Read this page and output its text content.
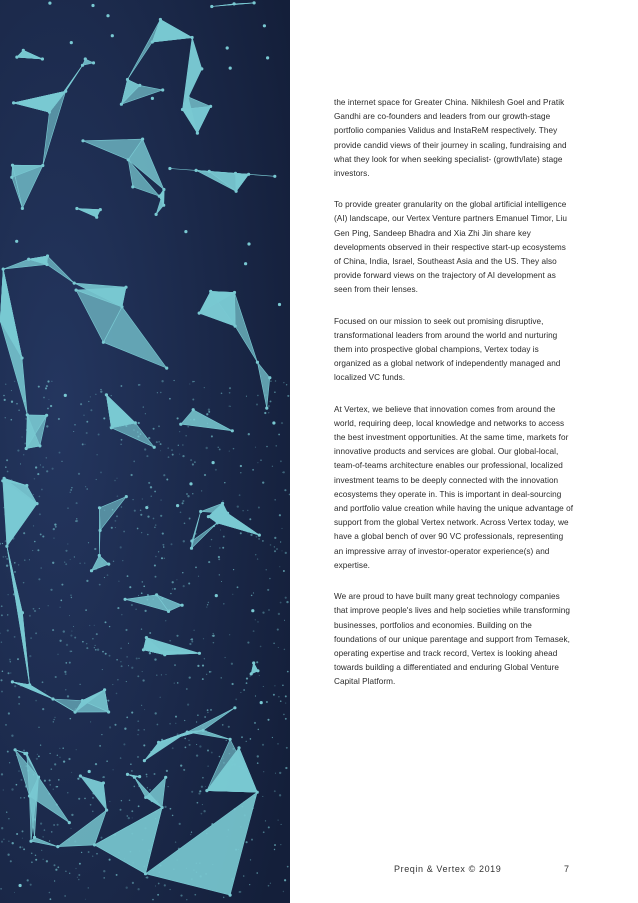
the internet space for Greater China. Nikhilesh Goel and Pratik Gandhi are co-founders and leaders from our growth-stage portfolio companies Validus and InstaReM respectively. They provide candid views of their journey in scaling, fundraising and what they look for when seeking specialist- (growth/late) stage investors.

To provide greater granularity on the global artificial intelligence (AI) landscape, our Vertex Venture partners Emanuel Timor, Liu Gen Ping, Sandeep Bhadra and Xia Zhi Jin share key developments observed in their respective start-up ecosystems of China, India, Israel, Southeast Asia and the US. They also provide forward views on the trajectory of AI development as seen from their lenses.

Focused on our mission to seek out promising disruptive, transformational leaders from around the world and nurturing them into prospective global champions, Vertex today is organized as a global network of independently managed and localized VC funds.

At Vertex, we believe that innovation comes from around the world, requiring deep, local knowledge and networks to access the best investment opportunities. At the same time, markets for innovative products and services are global. Our global-local, team-of-teams architecture enables our professional, localized investment teams to be deeply connected with the innovation ecosystems they operate in. This is important in deal-sourcing and portfolio value creation while having the unique advantage of support from the global Vertex network. Across Vertex today, we have a global bench of over 90 VC professionals, representing an impressive array of investor-operator experience(s) and expertise.

We are proud to have built many great technology companies that improve people's lives and help societies while transforming businesses, portfolios and economies. Building on the foundations of our unique parentage and support from Temasek, operating expertise and track record, Vertex is looking ahead towards building a differentiated and enduring Global Venture Capital Platform.

Preqin & Vertex © 2019	7
